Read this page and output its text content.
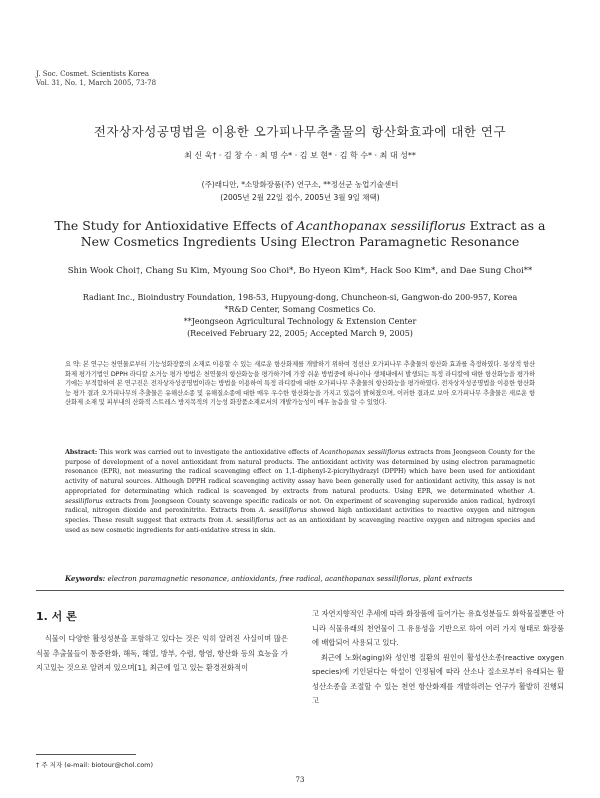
J. Soc. Cosmet. Scientists Korea
Vol. 31, No. 1, March 2005, 73-78
전자상자성공명법을 이용한 오가피나무추출물의 항산화효과에 대한 연구
최 신 욱† · 김 창 수 · 최 명 수* · 김 보 현* · 김 학 수* · 최 대 성**
(주)래디안, *소망화장품(주) 연구소, **정선군 농업기술센터
(2005년 2월 22일 접수, 2005년 3월 9일 채택)
The Study for Antioxidative Effects of Acanthopanax sessiliflorus Extract as a New Cosmetics Ingredients Using Electron Paramagnetic Resonance
Shin Wook Choi†, Chang Su Kim, Myoung Soo Choi*, Bo Hyeon Kim*, Hack Soo Kim*, and Dae Sung Choi**
Radiant Inc., Bioindustry Foundation, 198-53, Hupyoung-dong, Chuncheon-si, Gangwon-do 200-957, Korea
*R&D Center, Somang Cosmetics Co.
**Jeongseon Agricultural Technology & Extension Center
(Received February 22, 2005; Accepted March 9, 2005)
요 약: 본 연구는 천연물로부터 기능성화장품의 소재로 이용할 수 있는 새로운 항산화제를 개발하기 위하여 정선산 오가피나무 추출물의 항산화 효과를 측정하였다. 통상적 항산화제 평가기법인 DPPH 라디칼 소거능 평가 방법은 천연물의 항산화능을 평가하기에 가장 쉬운 방법중에 하나이나 생체내에서 발생되는 특정 라디칼에 대한 항산화능을 평가하기에는 부적합하여 본 연구진은 전자상자성공명법이라는 방법을 이용하여 특정 라디칼에 대한 오가피나무 추출물의 항산화능을 평가하였다. 전자상자성공명법을 이용한 항산화능 평가 결과 오가피나무의 추출물은 유해산소종 및 유해질소종에 대한 매우 우수한 항산화능을 가지고 있음이 밝혀졌으며, 이러한 결과로 보아 오가피나무 추출물은 새로운 항산화제 소재 및 피부내의 산화적 스트레스 방지목적의 기능성 화장품소재로서의 개발가능성이 매우 높음을 알 수 있었다.
Abstract: This work was carried out to investigate the antioxidative effects of Acanthopanax sessiliflorus extracts from Jeongseon County for the purpose of development of a novel antioxidant from natural products. The antioxidant activity was determined by using electron paramagnetic resonance (EPR), not measuring the radical scavenging effect on 1,1-diphenyl-2-picrylhydrazyl (DPPH) which have been used for antioxidant activity of natural sources. Although DPPH radical scavenging activity assay have been generally used for antioxidant activity, this assay is not appropriated for determinating which radical is scavenged by extracts from natural products. Using EPR, we determinated whether A. sessiliflorus extracts from Jeongseon County scavenge specific radicals or not. On experiment of scavenging superoxide anion radical, hydroxyl radical, nitrogen dioxide and peroxinitrite. Extracts from A. sessiliflorus showed high antioxidant activities to reactive oxygen and nitrogen species. These result suggest that extracts from A. sessiliflorus act as an antioxidant by scavenging reactive oxygen and nitrogen species and used as new cosmetic ingredients for anti-oxidative stress in skin.
Keywords: electron paramagnetic resonance, antioxidants, free radical, acanthopanax sessiliflorus, plant extracts
1. 서 론

식물이 다양한 활성성분을 포함하고 있다는 것은 익히 알려진 사실이며 많은 식물 추출물들이 통증완화, 해독, 해열, 방부, 수렴, 항염, 항산화 등의 효능을 가지고있는 것으로 알려져 있으며[1], 최근에 일고 있는 환경전화적이

고 자연지향적인 추세에 따라 화장품에 들어가는 유효성분들도 화학물질뿐만 아니라 식물유래의 천연물이 그 유용성을 기반으로 하여 여러 가지 형태로 화장품에 배합되어 사용되고 있다.

최근에 노화(aging)와 성인병 질환의 원인이 활성산소종(reactive oxygen species)에 기인된다는 학설이 인정됨에 따라 산소나 질소로부터 유래되는 활성산소종을 조절할 수 있는 천연 항산화제를 개발하려는 연구가 활발히 진행되고

† 주 저자 (e-mail: biotour@chol.com)
73
